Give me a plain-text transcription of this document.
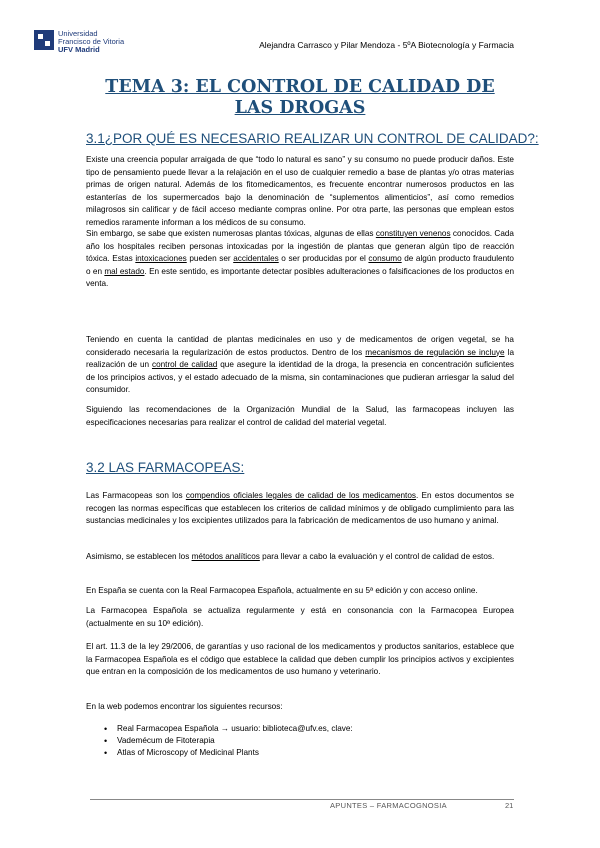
Universidad
Francisco de Vitoria
UFV Madrid	Alejandra Carrasco y Pilar Mendoza - 5ºA Biotecnología y Farmacia
TEMA 3: EL CONTROL DE CALIDAD DE LAS DROGAS
3.1¿POR QUÉ ES NECESARIO REALIZAR UN CONTROL DE CALIDAD?:

Existe una creencia popular arraigada de que “todo lo natural es sano” y su consumo no puede producir daños. Este tipo de pensamiento puede llevar a la relajación en el uso de cualquier remedio a base de plantas y/o otras materias primas de origen natural. Además de los fitomedicamentos, es frecuente encontrar numerosos productos en las estanterías de los supermercados bajo la denominación de “suplementos alimenticios”, así como remedios milagrosos sin calificar y de fácil acceso mediante compras online. Por otra parte, las personas que emplean estos remedios raramente informan a los médicos de su consumo.

Sin embargo, se sabe que existen numerosas plantas tóxicas, algunas de ellas constituyen venenos conocidos. Cada año los hospitales reciben personas intoxicadas por la ingestión de plantas que generan algún tipo de reacción tóxica. Estas intoxicaciones pueden ser accidentales o ser producidas por el consumo de algún producto fraudulento o en mal estado. En este sentido, es importante detectar posibles adulteraciones o falsificaciones de los productos en venta.

Teniendo en cuenta la cantidad de plantas medicinales en uso y de medicamentos de origen vegetal, se ha considerado necesaria la regularización de estos productos. Dentro de los mecanismos de regulación se incluye la realización de un control de calidad que asegure la identidad de la droga, la presencia en concentración suficientes de los principios activos, y el estado adecuado de la misma, sin contaminaciones que pudieran arriesgar la salud del consumidor.

Siguiendo las recomendaciones de la Organización Mundial de la Salud, las farmacopeas incluyen las especificaciones necesarias para realizar el control de calidad del material vegetal.

3.2 LAS FARMACOPEAS:

Las Farmacopeas son los compendios oficiales legales de calidad de los medicamentos. En estos documentos se recogen las normas específicas que establecen los criterios de calidad mínimos y de obligado cumplimiento para las sustancias medicinales y los excipientes utilizados para la fabricación de medicamentos de uso humano y animal.

Asimismo, se establecen los métodos analíticos para llevar a cabo la evaluación y el control de calidad de estos.

En España se cuenta con la Real Farmacopea Española, actualmente en su 5ª edición y con acceso online.

La Farmacopea Española se actualiza regularmente y está en consonancia con la Farmacopea Europea (actualmente en su 10ª edición).

El art. 11.3 de la ley 29/2006, de garantías y uso racional de los medicamentos y productos sanitarios, establece que la Farmacopea Española es el código que establece la calidad que deben cumplir los principios activos y excipientes que entran en la composición de los medicamentos de uso humano y veterinario.

En la web podemos encontrar los siguientes recursos:

• Real Farmacopea Española → usuario: biblioteca@ufv.es, clave:
• Vademécum de Fitoterapia
• Atlas of Microscopy of Medicinal Plants
APUNTES – FARMACOGNOSIA	21
